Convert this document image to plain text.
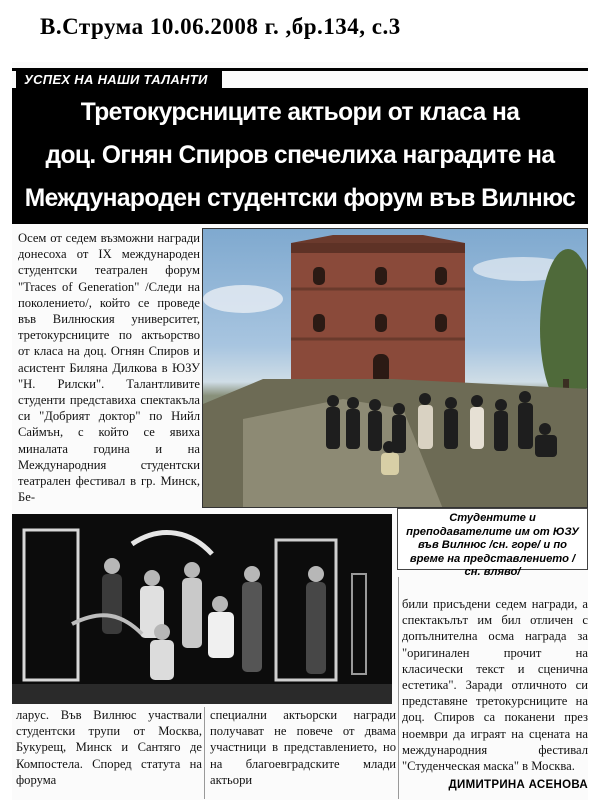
В.Струма 10.06.2008 г. ,бр.134, с.3
УСПЕХ НА НАШИ ТАЛАНТИ
Третокурсниците актьори от класа на
доц. Огнян Спиров спечелиха наградите на
Международен студентски форум във Вилнюс
Осем от седем възможни награди донесоха от IX международен студентски театрален форум "Traces of Generation" /Следи на поколението/, който се проведе във Вилнюския университет, третокурсниците по актьорство от класа на доц. Огнян Спиров и асистент Биляна Дилкова в ЮЗУ "Н. Рилски". Талантливите студенти представиха спектакъла си "Добрият доктор" по Нийл Саймън, с който се явиха миналата година и на Международния студентски театрален фестивал в гр. Минск, Бе-
Студентите и преподавателите им от ЮЗУ във Вилнюс /сн. горе/ и по време на представлението /сн. вляво/
били присъдени седем награди, а спектакълът им бил отличен с допълнителна осма награда за "оригинален прочит на класически текст и сценична естетика". Заради отличното си представяне третокурсниците на доц. Спиров са поканени през ноември да играят на сцената на международния фестивал "Студенческая маска" в Москва.
ларус. Във Вилнюс участвали студентски трупи от Москва, Букурещ, Минск и Сантяго де Компостела. Според статута на форума
специални актьорски награди получават не повече от двама участници в представлението, но на благоевградските млади актьори	ДИМИТРИНА АСЕНОВА
